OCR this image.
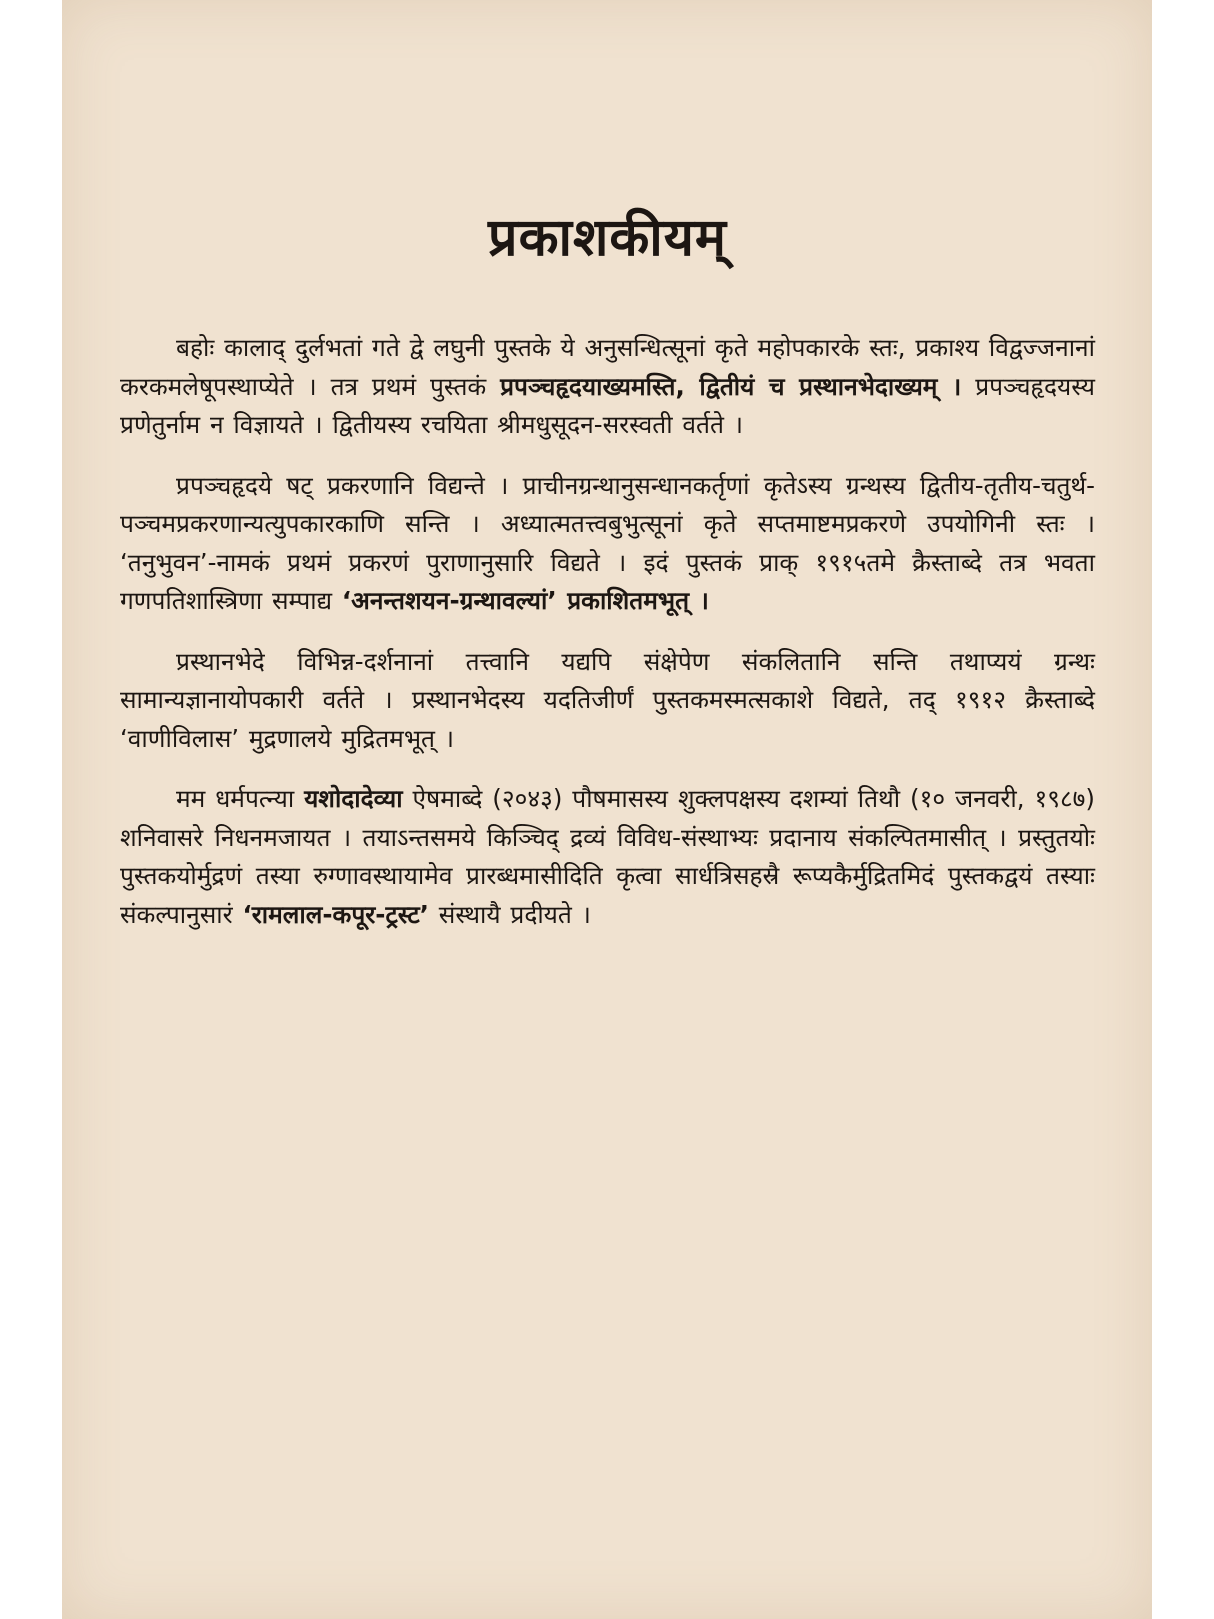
प्रकाशकीयम्

बहोः कालाद् दुर्लभतां गते द्वे लघुनी पुस्तके ये अनुसन्धित्सूनां कृते महोपकारके स्तः, प्रकाश्य विद्वज्जनानां करकमलेषूपस्थाप्येते । तत्र प्रथमं पुस्तकं प्रपञ्चहृदयाख्यमस्ति, द्वितीयं च प्रस्थानभेदाख्यम् । प्रपञ्चहृदयस्य प्रणेतुर्नाम न विज्ञायते । द्वितीयस्य रचयिता श्रीमधुसूदन-सरस्वती वर्तते ।

प्रपञ्चहृदये षट् प्रकरणानि विद्यन्ते । प्राचीनग्रन्थानुसन्धानकर्तृणां कृतेऽस्य ग्रन्थस्य द्वितीय-तृतीय-चतुर्थ-पञ्चमप्रकरणान्यत्युपकारकाणि सन्ति । अध्यात्मतत्त्वबुभुत्सूनां कृते सप्तमाष्टमप्रकरणे उपयोगिनी स्तः । ‘तनुभुवन’-नामकं प्रथमं प्रकरणं पुराणानुसारि विद्यते । इदं पुस्तकं प्राक् १९१५तमे क्रैस्ताब्दे तत्र भवता गणपतिशास्त्रिणा सम्पाद्य ‘अनन्तशयन-ग्रन्थावल्यां’ प्रकाशितमभूत् ।

प्रस्थानभेदे विभिन्न-दर्शनानां तत्त्वानि यद्यपि संक्षेपेण संकलितानि सन्ति तथाप्ययं ग्रन्थः सामान्यज्ञानायोपकारी वर्तते । प्रस्थानभेदस्य यदतिजीर्णं पुस्तकमस्मत्सकाशे विद्यते, तद् १९१२ क्रैस्ताब्दे ‘वाणीविलास’ मुद्रणालये मुद्रितमभूत् ।

मम धर्मपत्न्या यशोदादेव्या ऐषमाब्दे (२०४३) पौषमासस्य शुक्लपक्षस्य दशम्यां तिथौ (१० जनवरी, १९८७) शनिवासरे निधनमजायत । तयाऽन्तसमये किञ्चिद् द्रव्यं विविध-संस्थाभ्यः प्रदानाय संकल्पितमासीत् । प्रस्तुतयोः पुस्तकयोर्मुद्रणं तस्या रुग्णावस्थायामेव प्रारब्धमासीदिति कृत्वा सार्धत्रिसहस्रै रूप्यकैर्मुद्रितमिदं पुस्तकद्वयं तस्याः संकल्पानुसारं ‘रामलाल-कपूर-ट्रस्ट’ संस्थायै प्रदीयते ।
